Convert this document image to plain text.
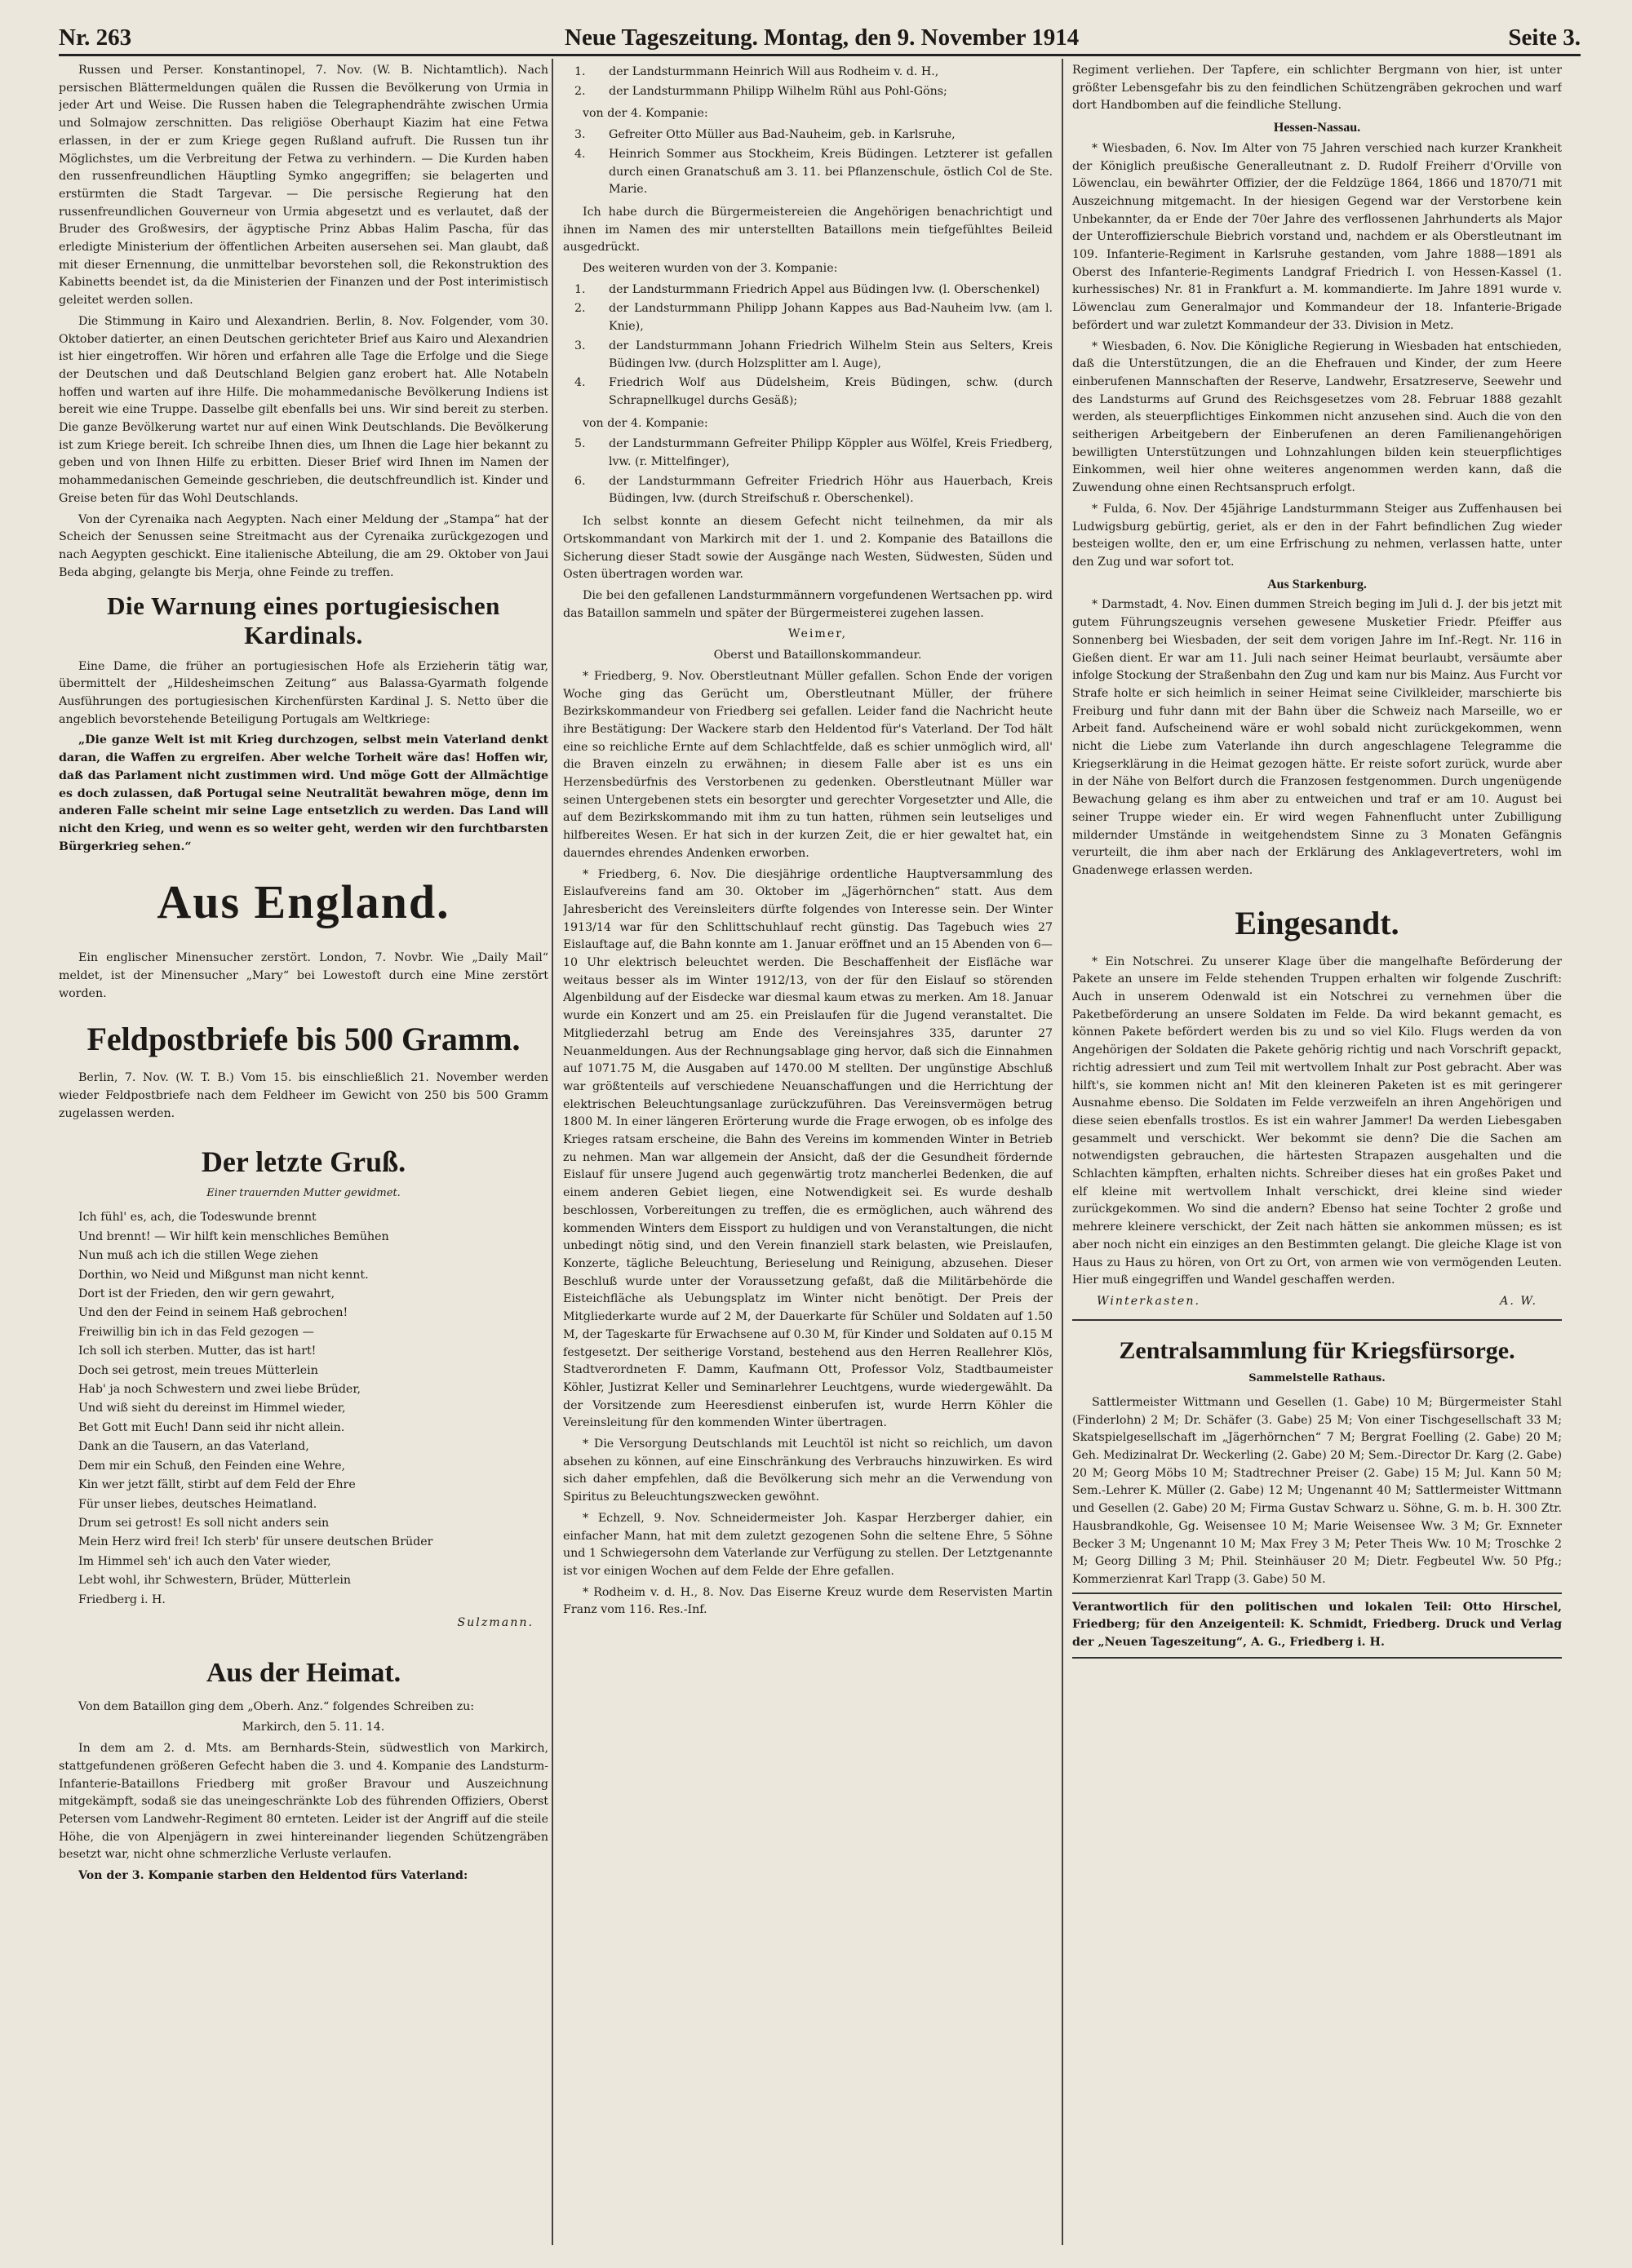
Nr. 263	Neue Tageszeitung. Montag, den 9. November 1914	Seite 3.

Russen und Perser. Konstantinopel, 7. Nov. (W. B. Nichtamtlich). Nach persischen Blättermeldungen quälen die Russen die Bevölkerung von Urmia in jeder Art und Weise. Die Russen haben die Telegraphendrähte zwischen Urmia und Solmajow zerschnitten. Das religiöse Oberhaupt Kiazim hat eine Fetwa erlassen, in der er zum Kriege gegen Rußland aufruft. Die Russen tun ihr Möglichstes, um die Verbreitung der Fetwa zu verhindern. — Die Kurden haben den russenfreundlichen Häuptling Symko angegriffen; sie belagerten und erstürmten die Stadt Targevar. — Die persische Regierung hat den russenfreundlichen Gouverneur von Urmia abgesetzt und es verlautet, daß der Bruder des Großwesirs, der ägyptische Prinz Abbas Halim Pascha, für das erledigte Ministerium der öffentlichen Arbeiten ausersehen sei. Man glaubt, daß mit dieser Ernennung, die unmittelbar bevorstehen soll, die Rekonstruktion des Kabinetts beendet ist, da die Ministerien der Finanzen und der Post interimistisch geleitet werden sollen.

Die Stimmung in Kairo und Alexandrien. Berlin, 8. Nov. Folgender, vom 30. Oktober datierter, an einen Deutschen gerichteter Brief aus Kairo und Alexandrien ist hier eingetroffen. Wir hören und erfahren alle Tage die Erfolge und die Siege der Deutschen und daß Deutschland Belgien ganz erobert hat. Alle Notabeln hoffen und warten auf ihre Hilfe. Die mohammedanische Bevölkerung Indiens ist bereit wie eine Truppe. Dasselbe gilt ebenfalls bei uns. Wir sind bereit zu sterben. Die ganze Bevölkerung wartet nur auf einen Wink Deutschlands. Die Bevölkerung ist zum Kriege bereit. Ich schreibe Ihnen dies, um Ihnen die Lage hier bekannt zu geben und von Ihnen Hilfe zu erbitten. Dieser Brief wird Ihnen im Namen der mohammedanischen Gemeinde geschrieben, die deutschfreundlich ist. Kinder und Greise beten für das Wohl Deutschlands.

Von der Cyrenaika nach Aegypten. Nach einer Meldung der „Stampa“ hat der Scheich der Senussen seine Streitmacht aus der Cyrenaika zurückgezogen und nach Aegypten geschickt. Eine italienische Abteilung, die am 29. Oktober von Jaui Beda abging, gelangte bis Merja, ohne Feinde zu treffen.

Die Warnung eines portugiesischen Kardinals.

Eine Dame, die früher an portugiesischen Hofe als Erzieherin tätig war, übermittelt der „Hildesheimschen Zeitung“ aus Balassa-Gyarmath folgende Ausführungen des portugiesischen Kirchenfürsten Kardinal J. S. Netto über die angeblich bevorstehende Beteiligung Portugals am Weltkriege:

„Die ganze Welt ist mit Krieg durchzogen, selbst mein Vaterland denkt daran, die Waffen zu ergreifen. Aber welche Torheit wäre das! Hoffen wir, daß das Parlament nicht zustimmen wird. Und möge Gott der Allmächtige es doch zulassen, daß Portugal seine Neutralität bewahren möge, denn im anderen Falle scheint mir seine Lage entsetzlich zu werden. Das Land will nicht den Krieg, und wenn es so weiter geht, werden wir den furchtbarsten Bürgerkrieg sehen.“

Aus England.

Ein englischer Minensucher zerstört. London, 7. Novbr. Wie „Daily Mail“ meldet, ist der Minensucher „Mary“ bei Lowestoft durch eine Mine zerstört worden.

Feldpostbriefe bis 500 Gramm.

Berlin, 7. Nov. (W. T. B.) Vom 15. bis einschließlich 21. November werden wieder Feldpostbriefe nach dem Feldheer im Gewicht von 250 bis 500 Gramm zugelassen werden.

Der letzte Gruß.
Einer trauernden Mutter gewidmet.
Ich fühl' es, ach, die Todeswunde brennt
Und brennt! — Wir hilft kein menschliches Bemühen
Nun muß ach ich die stillen Wege ziehen
Dorthin, wo Neid und Mißgunst man nicht kennt.
Dort ist der Frieden, den wir gern gewahrt,
Und den der Feind in seinem Haß gebrochen!
Freiwillig bin ich in das Feld gezogen —
Ich soll ich sterben. Mutter, das ist hart!
Doch sei getrost, mein treues Mütterlein
Hab' ja noch Schwestern und zwei liebe Brüder,
Und wiß sieht du dereinst im Himmel wieder,
Bet Gott mit Euch! Dann seid ihr nicht allein.
Dank an die Tausern, an das Vaterland,
Dem mir ein Schuß, den Feinden eine Wehre,
Kin wer jetzt fällt, stirbt auf dem Feld der Ehre
Für unser liebes, deutsches Heimatland.
Drum sei getrost! Es soll nicht anders sein
Mein Herz wird frei! Ich sterb' für unsere deutschen Brüder
Im Himmel seh' ich auch den Vater wieder,
Lebt wohl, ihr Schwestern, Brüder, Mütterlein
Friedberg i. H.
Sulzmann.
Aus der Heimat.

Von dem Bataillon ging dem „Oberh. Anz.“ folgendes Schreiben zu:

Markirch, den 5. 11. 14.

In dem am 2. d. Mts. am Bernhards-Stein, südwestlich von Markirch, stattgefundenen größeren Gefecht haben die 3. und 4. Kompanie des Landsturm-Infanterie-Bataillons Friedberg mit großer Bravour und Auszeichnung mitgekämpft, sodaß sie das uneingeschränkte Lob des führenden Offiziers, Oberst Petersen vom Landwehr-Regiment 80 ernteten. Leider ist der Angriff auf die steile Höhe, die von Alpenjägern in zwei hintereinander liegenden Schützengräben besetzt war, nicht ohne schmerzliche Verluste verlaufen.

Von der 3. Kompanie starben den Heldentod fürs Vaterland:

1. der Landsturmmann Heinrich Will aus Rodheim v. d. H.,
2. der Landsturmmann Philipp Wilhelm Rühl aus Pohl-Göns;

von der 4. Kompanie:

3. Gefreiter Otto Müller aus Bad-Nauheim, geb. in Karlsruhe,
4. Heinrich Sommer aus Stockheim, Kreis Büdingen. Letzterer ist gefallen durch einen Granatschuß am 3. 11. bei Pflanzenschule, östlich Col de Ste. Marie.

Ich habe durch die Bürgermeistereien die Angehörigen benachrichtigt und ihnen im Namen des mir unterstellten Bataillons mein tiefgefühltes Beileid ausgedrückt.

Des weiteren wurden von der 3. Kompanie:

1. der Landsturmmann Friedrich Appel aus Büdingen lvw. (l. Oberschenkel)
2. der Landsturmmann Philipp Johann Kappes aus Bad-Nauheim lvw. (am l. Knie),
3. der Landsturmmann Johann Friedrich Wilhelm Stein aus Selters, Kreis Büdingen lvw. (durch Holzsplitter am l. Auge),
4. Friedrich Wolf aus Düdelsheim, Kreis Büdingen, schw. (durch Schrapnellkugel durchs Gesäß);

von der 4. Kompanie:

5. der Landsturmmann Gefreiter Philipp Köppler aus Wölfel, Kreis Friedberg, lvw. (r. Mittelfinger),
6. der Landsturmmann Gefreiter Friedrich Höhr aus Hauerbach, Kreis Büdingen, lvw. (durch Streifschuß r. Oberschenkel).

Ich selbst konnte an diesem Gefecht nicht teilnehmen, da mir als Ortskommandant von Markirch mit der 1. und 2. Kompanie des Bataillons die Sicherung dieser Stadt sowie der Ausgänge nach Westen, Südwesten, Süden und Osten übertragen worden war.

Die bei den gefallenen Landsturmmännern vorgefundenen Wertsachen pp. wird das Bataillon sammeln und später der Bürgermeisterei zugehen lassen.

Weimer,

Oberst und Bataillonskommandeur.

* Friedberg, 9. Nov. Oberstleutnant Müller gefallen. Schon Ende der vorigen Woche ging das Gerücht um, Oberstleutnant Müller, der frühere Bezirkskommandeur von Friedberg sei gefallen. Leider fand die Nachricht heute ihre Bestätigung: Der Wackere starb den Heldentod für's Vaterland. Der Tod hält eine so reichliche Ernte auf dem Schlachtfelde, daß es schier unmöglich wird, all' die Braven einzeln zu erwähnen; in diesem Falle aber ist es uns ein Herzensbedürfnis des Verstorbenen zu gedenken. Oberstleutnant Müller war seinen Untergebenen stets ein besorgter und gerechter Vorgesetzter und Alle, die auf dem Bezirkskommando mit ihm zu tun hatten, rühmen sein leutseliges und hilfbereites Wesen. Er hat sich in der kurzen Zeit, die er hier gewaltet hat, ein dauerndes ehrendes Andenken erworben.

* Friedberg, 6. Nov. Die diesjährige ordentliche Hauptversammlung des Eislaufvereins fand am 30. Oktober im „Jägerhörnchen“ statt. Aus dem Jahresbericht des Vereinsleiters dürfte folgendes von Interesse sein. Der Winter 1913/14 war für den Schlittschuhlauf recht günstig. Das Tagebuch wies 27 Eislauftage auf, die Bahn konnte am 1. Januar eröffnet und an 15 Abenden von 6—10 Uhr elektrisch beleuchtet werden. Die Beschaffenheit der Eisfläche war weitaus besser als im Winter 1912/13, von der für den Eislauf so störenden Algenbildung auf der Eisdecke war diesmal kaum etwas zu merken. Am 18. Januar wurde ein Konzert und am 25. ein Preislaufen für die Jugend veranstaltet. Die Mitgliederzahl betrug am Ende des Vereinsjahres 335, darunter 27 Neuanmeldungen. Aus der Rechnungsablage ging hervor, daß sich die Einnahmen auf 1071.75 M, die Ausgaben auf 1470.00 M stellten. Der ungünstige Abschluß war größtenteils auf verschiedene Neuanschaffungen und die Herrichtung der elektrischen Beleuchtungsanlage zurückzuführen. Das Vereinsvermögen betrug 1800 M. In einer längeren Erörterung wurde die Frage erwogen, ob es infolge des Krieges ratsam erscheine, die Bahn des Vereins im kommenden Winter in Betrieb zu nehmen. Man war allgemein der Ansicht, daß der die Gesundheit fördernde Eislauf für unsere Jugend auch gegenwärtig trotz mancherlei Bedenken, die auf einem anderen Gebiet liegen, eine Notwendigkeit sei. Es wurde deshalb beschlossen, Vorbereitungen zu treffen, die es ermöglichen, auch während des kommenden Winters dem Eissport zu huldigen und von Veranstaltungen, die nicht unbedingt nötig sind, und den Verein finanziell stark belasten, wie Preislaufen, Konzerte, tägliche Beleuchtung, Berieselung und Reinigung, abzusehen. Dieser Beschluß wurde unter der Voraussetzung gefaßt, daß die Militärbehörde die Eisteichfläche als Uebungsplatz im Winter nicht benötigt. Der Preis der Mitgliederkarte wurde auf 2 M, der Dauerkarte für Schüler und Soldaten auf 1.50 M, der Tageskarte für Erwachsene auf 0.30 M, für Kinder und Soldaten auf 0.15 M festgesetzt. Der seitherige Vorstand, bestehend aus den Herren Reallehrer Klös, Stadtverordneten F. Damm, Kaufmann Ott, Professor Volz, Stadtbaumeister Köhler, Justizrat Keller und Seminarlehrer Leuchtgens, wurde wiedergewählt. Da der Vorsitzende zum Heeresdienst einberufen ist, wurde Herrn Köhler die Vereinsleitung für den kommenden Winter übertragen.

* Die Versorgung Deutschlands mit Leuchtöl ist nicht so reichlich, um davon absehen zu können, auf eine Einschränkung des Verbrauchs hinzuwirken. Es wird sich daher empfehlen, daß die Bevölkerung sich mehr an die Verwendung von Spiritus zu Beleuchtungszwecken gewöhnt.

* Echzell, 9. Nov. Schneidermeister Joh. Kaspar Herzberger dahier, ein einfacher Mann, hat mit dem zuletzt gezogenen Sohn die seltene Ehre, 5 Söhne und 1 Schwiegersohn dem Vaterlande zur Verfügung zu stellen. Der Letztgenannte ist vor einigen Wochen auf dem Felde der Ehre gefallen.

* Rodheim v. d. H., 8. Nov. Das Eiserne Kreuz wurde dem Reservisten Martin Franz vom 116. Res.-Inf.

Regiment verliehen. Der Tapfere, ein schlichter Bergmann von hier, ist unter größter Lebensgefahr bis zu den feindlichen Schützengräben gekrochen und warf dort Handbomben auf die feindliche Stellung.

Hessen-Nassau.

* Wiesbaden, 6. Nov. Im Alter von 75 Jahren verschied nach kurzer Krankheit der Königlich preußische Generalleutnant z. D. Rudolf Freiherr d'Orville von Löwenclau, ein bewährter Offizier, der die Feldzüge 1864, 1866 und 1870/71 mit Auszeichnung mitgemacht. In der hiesigen Gegend war der Verstorbene kein Unbekannter, da er Ende der 70er Jahre des verflossenen Jahrhunderts als Major der Unteroffizierschule Biebrich vorstand und, nachdem er als Oberstleutnant im 109. Infanterie-Regiment in Karlsruhe gestanden, vom Jahre 1888—1891 als Oberst des Infanterie-Regiments Landgraf Friedrich I. von Hessen-Kassel (1. kurhessisches) Nr. 81 in Frankfurt a. M. kommandierte. Im Jahre 1891 wurde v. Löwenclau zum Generalmajor und Kommandeur der 18. Infanterie-Brigade befördert und war zuletzt Kommandeur der 33. Division in Metz.

* Wiesbaden, 6. Nov. Die Königliche Regierung in Wiesbaden hat entschieden, daß die Unterstützungen, die an die Ehefrauen und Kinder, der zum Heere einberufenen Mannschaften der Reserve, Landwehr, Ersatzreserve, Seewehr und des Landsturms auf Grund des Reichsgesetzes vom 28. Februar 1888 gezahlt werden, als steuerpflichtiges Einkommen nicht anzusehen sind. Auch die von den seitherigen Arbeitgebern der Einberufenen an deren Familienangehörigen bewilligten Unterstützungen und Lohnzahlungen bilden kein steuerpflichtiges Einkommen, weil hier ohne weiteres angenommen werden kann, daß die Zuwendung ohne einen Rechtsanspruch erfolgt.

* Fulda, 6. Nov. Der 45jährige Landsturmmann Steiger aus Zuffenhausen bei Ludwigsburg gebürtig, geriet, als er den in der Fahrt befindlichen Zug wieder besteigen wollte, den er, um eine Erfrischung zu nehmen, verlassen hatte, unter den Zug und war sofort tot.

Aus Starkenburg.

* Darmstadt, 4. Nov. Einen dummen Streich beging im Juli d. J. der bis jetzt mit gutem Führungszeugnis versehen gewesene Musketier Friedr. Pfeiffer aus Sonnenberg bei Wiesbaden, der seit dem vorigen Jahre im Inf.-Regt. Nr. 116 in Gießen dient. Er war am 11. Juli nach seiner Heimat beurlaubt, versäumte aber infolge Stockung der Straßenbahn den Zug und kam nur bis Mainz. Aus Furcht vor Strafe holte er sich heimlich in seiner Heimat seine Civilkleider, marschierte bis Freiburg und fuhr dann mit der Bahn über die Schweiz nach Marseille, wo er Arbeit fand. Aufscheinend wäre er wohl sobald nicht zurückgekommen, wenn nicht die Liebe zum Vaterlande ihn durch angeschlagene Telegramme die Kriegserklärung in die Heimat gezogen hätte. Er reiste sofort zurück, wurde aber in der Nähe von Belfort durch die Franzosen festgenommen. Durch ungenügende Bewachung gelang es ihm aber zu entweichen und traf er am 10. August bei seiner Truppe wieder ein. Er wird wegen Fahnenflucht unter Zubilligung mildernder Umstände in weitgehendstem Sinne zu 3 Monaten Gefängnis verurteilt, die ihm aber nach der Erklärung des Anklagevertreters, wohl im Gnadenwege erlassen werden.

Eingesandt.

* Ein Notschrei. Zu unserer Klage über die mangelhafte Beförderung der Pakete an unsere im Felde stehenden Truppen erhalten wir folgende Zuschrift: Auch in unserem Odenwald ist ein Notschrei zu vernehmen über die Paketbeförderung an unsere Soldaten im Felde. Da wird bekannt gemacht, es können Pakete befördert werden bis zu und so viel Kilo. Flugs werden da von Angehörigen der Soldaten die Pakete gehörig richtig und nach Vorschrift gepackt, richtig adressiert und zum Teil mit wertvollem Inhalt zur Post gebracht. Aber was hilft's, sie kommen nicht an! Mit den kleineren Paketen ist es mit geringerer Ausnahme ebenso. Die Soldaten im Felde verzweifeln an ihren Angehörigen und diese seien ebenfalls trostlos. Es ist ein wahrer Jammer! Da werden Liebesgaben gesammelt und verschickt. Wer bekommt sie denn? Die die Sachen am notwendigsten gebrauchen, die härtesten Strapazen ausgehalten und die Schlachten kämpften, erhalten nichts. Schreiber dieses hat ein großes Paket und elf kleine mit wertvollem Inhalt verschickt, drei kleine sind wieder zurückgekommen. Wo sind die andern? Ebenso hat seine Tochter 2 große und mehrere kleinere verschickt, der Zeit nach hätten sie ankommen müssen; es ist aber noch nicht ein einziges an den Bestimmten gelangt. Die gleiche Klage ist von Haus zu Haus zu hören, von Ort zu Ort, von armen wie von vermögenden Leuten. Hier muß eingegriffen und Wandel geschaffen werden.

Winterkasten.	A. W.
Zentralsammlung für Kriegsfürsorge.
Sammelstelle Rathaus.

Sattlermeister Wittmann und Gesellen (1. Gabe) 10 M; Bürgermeister Stahl (Finderlohn) 2 M; Dr. Schäfer (3. Gabe) 25 M; Von einer Tischgesellschaft 33 M; Skatspielgesellschaft im „Jägerhörnchen“ 7 M; Bergrat Foelling (2. Gabe) 20 M; Geh. Medizinalrat Dr. Weckerling (2. Gabe) 20 M; Sem.-Director Dr. Karg (2. Gabe) 20 M; Georg Möbs 10 M; Stadtrechner Preiser (2. Gabe) 15 M; Jul. Kann 50 M; Sem.-Lehrer K. Müller (2. Gabe) 12 M; Ungenannt 40 M; Sattlermeister Wittmann und Gesellen (2. Gabe) 20 M; Firma Gustav Schwarz u. Söhne, G. m. b. H. 300 Ztr. Hausbrandkohle, Gg. Weisensee 10 M; Marie Weisensee Ww. 3 M; Gr. Exnneter Becker 3 M; Ungenannt 10 M; Max Frey 3 M; Peter Theis Ww. 10 M; Troschke 2 M; Georg Dilling 3 M; Phil. Steinhäuser 20 M; Dietr. Fegbeutel Ww. 50 Pfg.; Kommerzienrat Karl Trapp (3. Gabe) 50 M.

Verantwortlich für den politischen und lokalen Teil: Otto Hirschel, Friedberg; für den Anzeigenteil: K. Schmidt, Friedberg. Druck und Verlag der „Neuen Tageszeitung“, A. G., Friedberg i. H.
